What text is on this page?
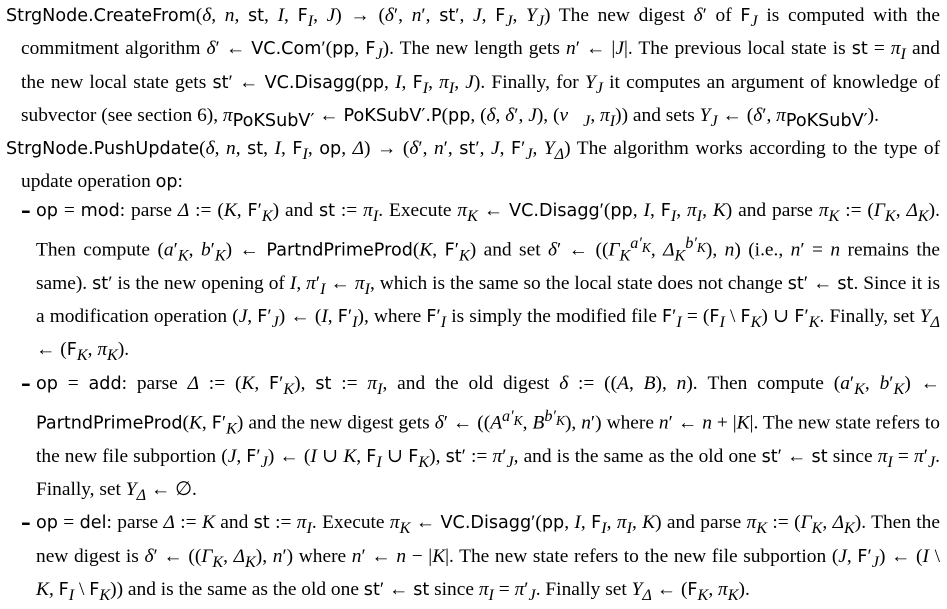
StrgNode.CreateFrom(δ, n, st, I, $F_I$, J) → (δ′, n′, st′, J, $F_J$, $\Upsilon_J$) The new digest δ′ of $F_J$ is computed with the commitment algorithm δ′ ← VC.Com′(pp, $F_J$). The new length gets n′ ← |J|. The previous local state is st = $\pi_I$ and the new local state gets st′ ← VC.Disagg(pp, I, $F_I$, $\pi_I$, J). Finally, for $\Upsilon_J$ it computes an argument of knowledge of subvector (see section 6), $\pi_{PoKSubV'}$ ← PoKSubV′.P(pp, (δ, δ′, J), ($v⃗_J$, $\pi_I$)) and sets $\Upsilon_J$ ← (δ′, $\pi_{PoKSubV'}$).
StrgNode.PushUpdate(δ, n, st, I, $F_I$, op, Δ) → (δ′, n′, st′, J, $F'_J$, $\Upsilon_\Delta$) The algorithm works according to the type of update operation op:
– op = mod: parse Δ := (K, $F'_K$) and st := $\pi_I$. Execute $\pi_K$ ← VC.Disagg′(pp, I, $F_I$, $\pi_I$, K) and parse $\pi_K$ := ($\Gamma_K$, $\Delta_K$). Then compute ($a'_K$, $b'_K$) ← PartndPrimeProd(K, $F'_K$) and set δ′ ← (($\Gamma_K^{a'_K}$, $\Delta_K^{b'_K}$), n) (i.e., n′ = n remains the same). st′ is the new opening of I, $\pi'_I$ ← $\pi_I$, which is the same so the local state does not change st′ ← st. Since it is a modification operation (J, $F'_J$) ← (I, $F'_I$), where $F'_I$ is simply the modified file $F'_I = (F_I$ \ $F_K$) ∪ $F'_K$. Finally, set $\Upsilon_\Delta$ ← ($F_K$, $\pi_K$).
– op = add: parse Δ := (K, $F'_K$), st := $\pi_I$, and the old digest δ := ((A, B), n). Then compute ($a'_K$, $b'_K$) ← PartndPrimeProd(K, $F'_K$) and the new digest gets δ′ ← (($A^{a'_K}$, $B^{b'_K}$), n′) where n′ ← n + |K|. The new state refers to the new file subportion (J, $F'_J$) ← (I ∪ K, $F_I$ ∪ $F_K$), st′ := $\pi'_J$, and is the same as the old one st′ ← st since $\pi_I = \pi'_J$. Finally, set $\Upsilon_\Delta$ ← ∅.
– op = del: parse Δ := K and st := $\pi_I$. Execute $\pi_K$ ← VC.Disagg′(pp, I, $F_I$, $\pi_I$, K) and parse $\pi_K$ := ($\Gamma_K$, $\Delta_K$). Then the new digest is δ′ ← (($\Gamma_K$, $\Delta_K$), n′) where n′ ← n − |K|. The new state refers to the new file subportion (J, $F'_J$) ← (I \ K, $F_I$ \ $F_K$)) and is the same as the old one st′ ← st since $\pi_I = \pi'_J$. Finally set $\Upsilon_\Delta$ ← ($F_K$, $\pi_K$).
